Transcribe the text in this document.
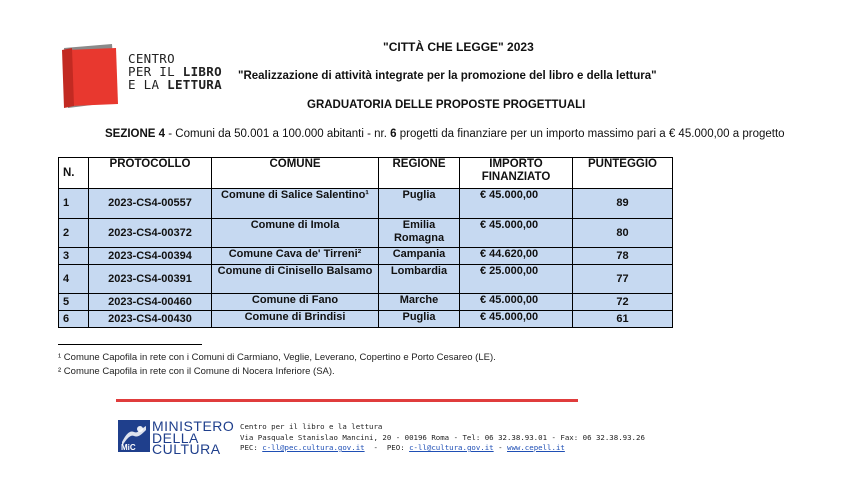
CENTRO
PER IL LIBRO
E LA LETTURA
"CITTÀ CHE LEGGE" 2023
"Realizzazione di attività integrate per la promozione del libro e della lettura"
GRADUATORIA DELLE PROPOSTE PROGETTUALI
SEZIONE 4 - Comuni da 50.001 a 100.000 abitanti - nr. 6 progetti da finanziare per un importo massimo pari a € 45.000,00 a progetto
N.	PROTOCOLLO	COMUNE	REGIONE	IMPORTO FINANZIATO	PUNTEGGIO
1	2023-CS4-00557	Comune di Salice Salentino¹	Puglia	€ 45.000,00	89
2	2023-CS4-00372	Comune di Imola	Emilia Romagna	€ 45.000,00	80
3	2023-CS4-00394	Comune Cava de' Tirreni²	Campania	€ 44.620,00	78
4	2023-CS4-00391	Comune di Cinisello Balsamo	Lombardia	€ 25.000,00	77
5	2023-CS4-00460	Comune di Fano	Marche	€ 45.000,00	72
6	2023-CS4-00430	Comune di Brindisi	Puglia	€ 45.000,00	61
¹ Comune Capofila in rete con i Comuni di Carmiano, Veglie, Leverano, Copertino e Porto Cesareo (LE).
² Comune Capofila in rete con il Comune di Nocera Inferiore (SA).
MiC
MINISTERO
DELLA
CULTURA
Centro per il libro e la lettura
Via Pasquale Stanislao Mancini, 20 - 00196 Roma - Tel: 06 32.38.93.01 - Fax: 06 32.38.93.26
PEC: c-ll@pec.cultura.gov.it  -  PEO: c-ll@cultura.gov.it - www.cepell.it
